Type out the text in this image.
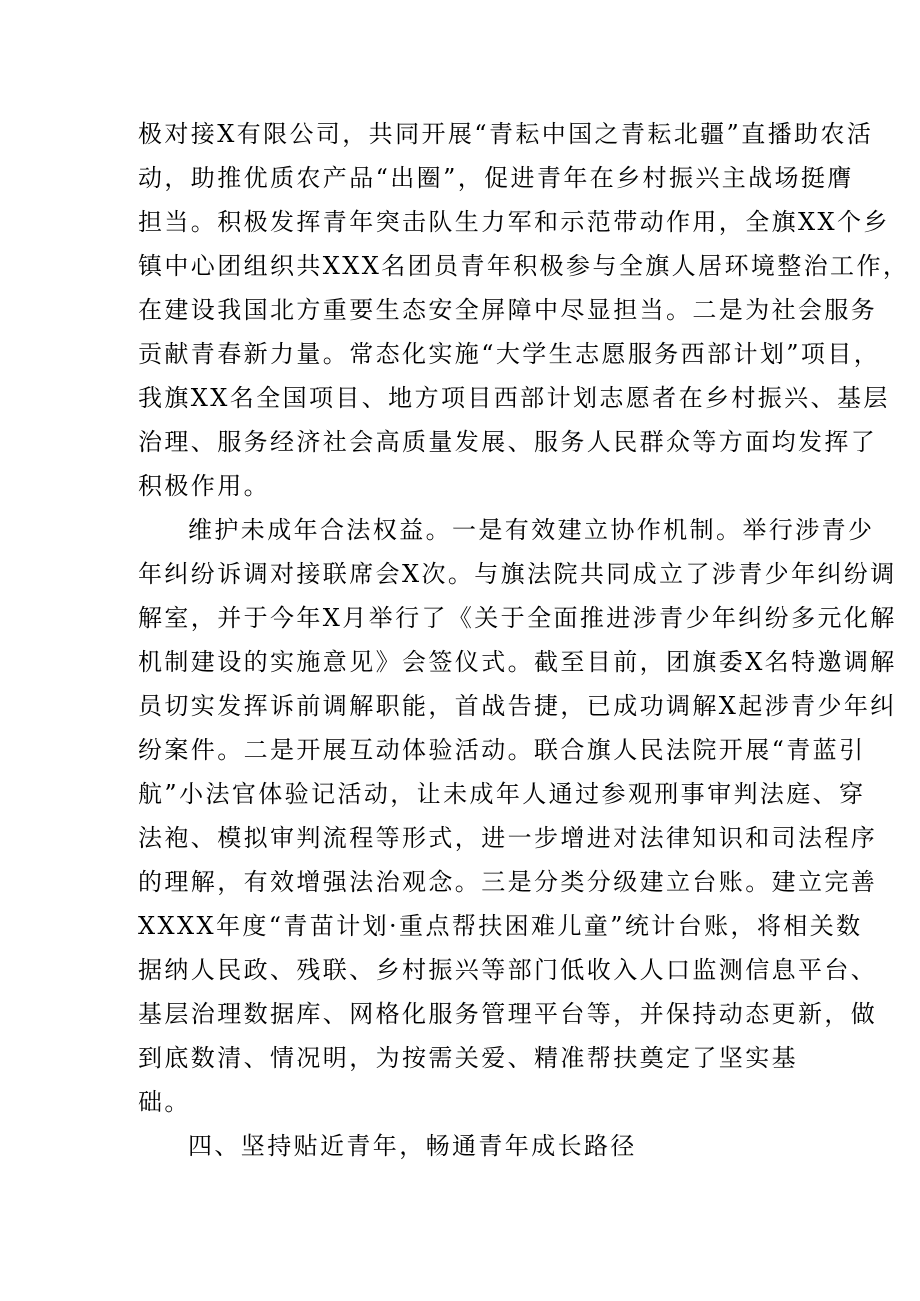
极对接X有限公司，共同开展“青耘中国之青耘北疆”直播助农活
动，助推优质农产品“出圈”，促进青年在乡村振兴主战场挺膺
担当。积极发挥青年突击队生力军和示范带动作用，全旗XX个乡
镇中心团组织共XXX名团员青年积极参与全旗人居环境整治工作，
在建设我国北方重要生态安全屏障中尽显担当。二是为社会服务
贡献青春新力量。常态化实施“大学生志愿服务西部计划”项目，
我旗XX名全国项目、地方项目西部计划志愿者在乡村振兴、基层
治理、服务经济社会高质量发展、服务人民群众等方面均发挥了
积极作用。
维护未成年合法权益。一是有效建立协作机制。举行涉青少
年纠纷诉调对接联席会X次。与旗法院共同成立了涉青少年纠纷调
解室，并于今年X月举行了《关于全面推进涉青少年纠纷多元化解
机制建设的实施意见》会签仪式。截至目前，团旗委X名特邀调解
员切实发挥诉前调解职能，首战告捷，已成功调解X起涉青少年纠
纷案件。二是开展互动体验活动。联合旗人民法院开展“青蓝引
航”小法官体验记活动，让未成年人通过参观刑事审判法庭、穿
法袍、模拟审判流程等形式，进一步增进对法律知识和司法程序
的理解，有效增强法治观念。三是分类分级建立台账。建立完善
XXXX年度“青苗计划·重点帮扶困难儿童”统计台账，将相关数
据纳人民政、残联、乡村振兴等部门低收入人口监测信息平台、
基层治理数据库、网格化服务管理平台等，并保持动态更新，做
到底数清、情况明，为按需关爱、精准帮扶奠定了坚实基
础。
四、坚持贴近青年，畅通青年成长路径
